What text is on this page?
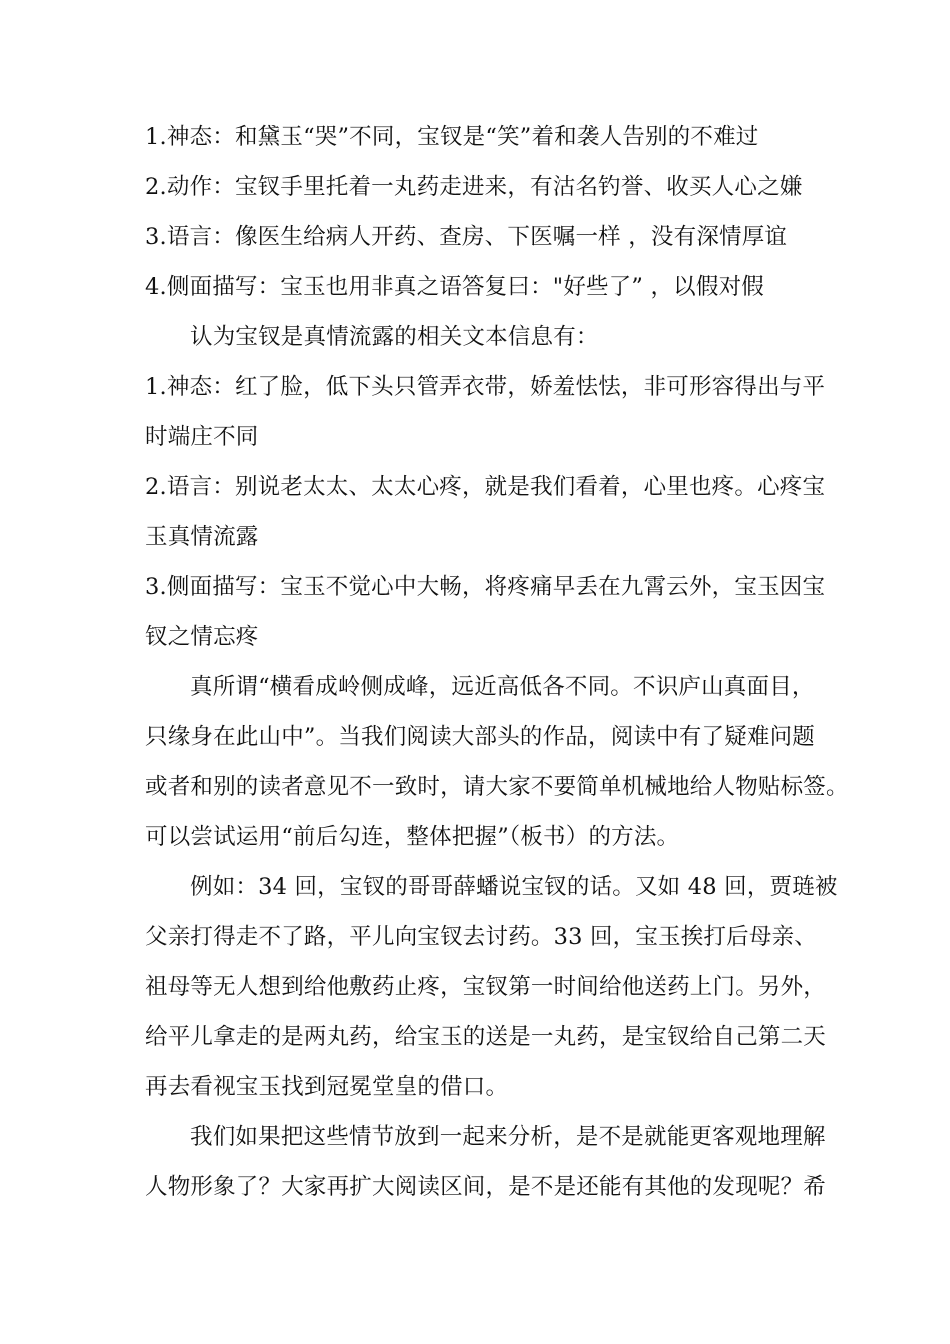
1.神态：和黛玉“哭”不同，宝钗是“笑”着和袭人告别的不难过
2.动作：宝钗手里托着一丸药走进来，有沽名钓誉、收买人心之嫌
3.语言：像医生给病人开药、查房、下医嘱一样 ，没有深情厚谊
4.侧面描写：宝玉也用非真之语答复曰："好些了” ，以假对假
认为宝钗是真情流露的相关文本信息有：
1.神态：红了脸，低下头只管弄衣带，娇羞怯怯，非可形容得出与平
时端庄不同
2.语言：别说老太太、太太心疼，就是我们看着，心里也疼。心疼宝
玉真情流露
3.侧面描写：宝玉不觉心中大畅，将疼痛早丢在九霄云外，宝玉因宝
钗之情忘疼
真所谓“横看成岭侧成峰，远近高低各不同。不识庐山真面目，
只缘身在此山中”。当我们阅读大部头的作品，阅读中有了疑难问题
或者和别的读者意见不一致时，请大家不要简单机械地给人物贴标签。
可以尝试运用“前后勾连，整体把握”（板书）的方法。
例如：34 回，宝钗的哥哥薛蟠说宝钗的话。又如 48 回，贾琏被
父亲打得走不了路，平儿向宝钗去讨药。33 回，宝玉挨打后母亲、
祖母等无人想到给他敷药止疼，宝钗第一时间给他送药上门。另外，
给平儿拿走的是两丸药，给宝玉的送是一丸药，是宝钗给自己第二天
再去看视宝玉找到冠冕堂皇的借口。
我们如果把这些情节放到一起来分析，是不是就能更客观地理解
人物形象了？大家再扩大阅读区间，是不是还能有其他的发现呢？希
